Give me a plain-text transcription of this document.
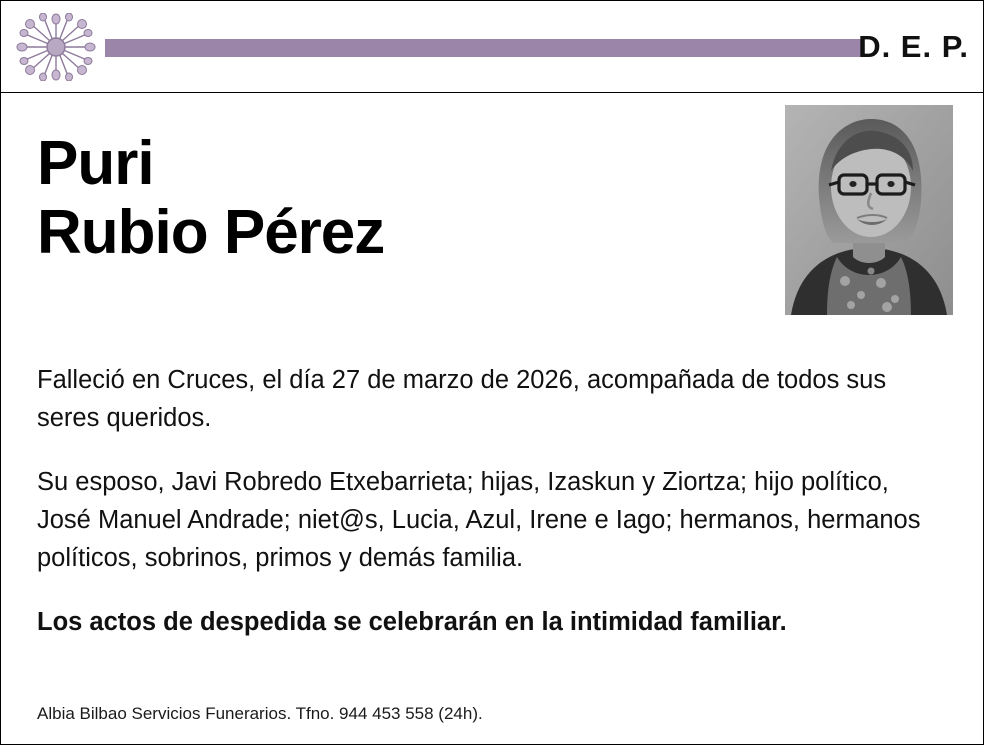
D. E. P.
Puri
Rubio Pérez

Falleció en Cruces, el día 27 de marzo de 2026, acompañada de todos sus seres queridos.

Su esposo, Javi Robredo Etxebarrieta; hijas, Izaskun y Ziortza; hijo político, José Manuel Andrade; niet@s, Lucia, Azul, Irene e Iago; hermanos, hermanos políticos, sobrinos, primos y demás familia.

Los actos de despedida se celebrarán en la intimidad familiar.

Albia Bilbao Servicios Funerarios. Tfno. 944 453 558 (24h).
